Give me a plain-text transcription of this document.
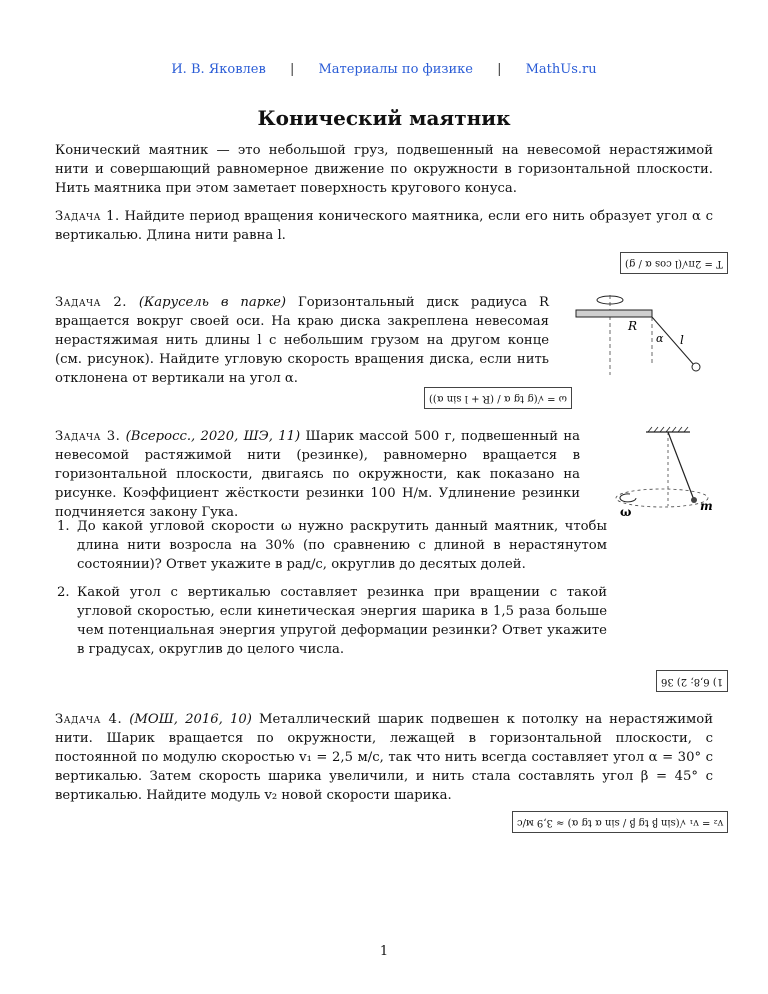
И. В. Яковлев | Материалы по физике | MathUs.ru
Конический маятник
Конический маятник — это небольшой груз, подвешенный на невесомой нерастяжимой нити и совершающий равномерное движение по окружности в горизонтальной плоскости. Нить маятника при этом заметает поверхность кругового конуса.
Задача 1. Найдите период вращения конического маятника, если его нить образует угол α с вертикалью. Длина нити равна l.
T = 2π√(l cos α / g)
Задача 2. (Карусель в парке) Горизонтальный диск радиуса R вращается вокруг своей оси. На краю диска закреплена невесомая нерастяжимая нить длины l с небольшим грузом на другом конце (см. рисунок). Найдите угловую скорость вращения диска, если нить отклонена от вертикали на угол α.
ω = √(g tg α / (R + l sin α))
R
α l
Задача 3. (Всеросс., 2020, ШЭ, 11) Шарик массой 500 г, подвешенный на невесомой растяжимой нити (резинке), равномерно вращается в горизонтальной плоскости, двигаясь по окружности, как показано на рисунке. Коэффициент жёсткости резинки 100 Н/м. Удлинение резинки подчиняется закону Гука.
1. До какой угловой скорости ω нужно раскрутить данный маятник, чтобы длина нити возросла на 30% (по сравнению с длиной в нерастянутом состоянии)? Ответ укажите в рад/с, округлив до десятых долей.
2. Какой угол с вертикалью составляет резинка при вращении с такой угловой скоростью, если кинетическая энергия шарика в 1,5 раза больше чем потенциальная энергия упругой деформации резинки? Ответ укажите в градусах, округлив до целого числа.
1) 6,8; 2) 36
ω	m
Задача 4. (МОШ, 2016, 10) Металлический шарик подвешен к потолку на нерастяжимой нити. Шарик вращается по окружности, лежащей в горизонтальной плоскости, с постоянной по модулю скоростью v₁ = 2,5 м/с, так что нить всегда составляет угол α = 30° с вертикалью. Затем скорость шарика увеличили, и нить стала составлять угол β = 45° с вертикалью. Найдите модуль v₂ новой скорости шарика.
v₂ = v₁ √(sin β tg β / sin α tg α) ≈ 3,9 м/с
1
